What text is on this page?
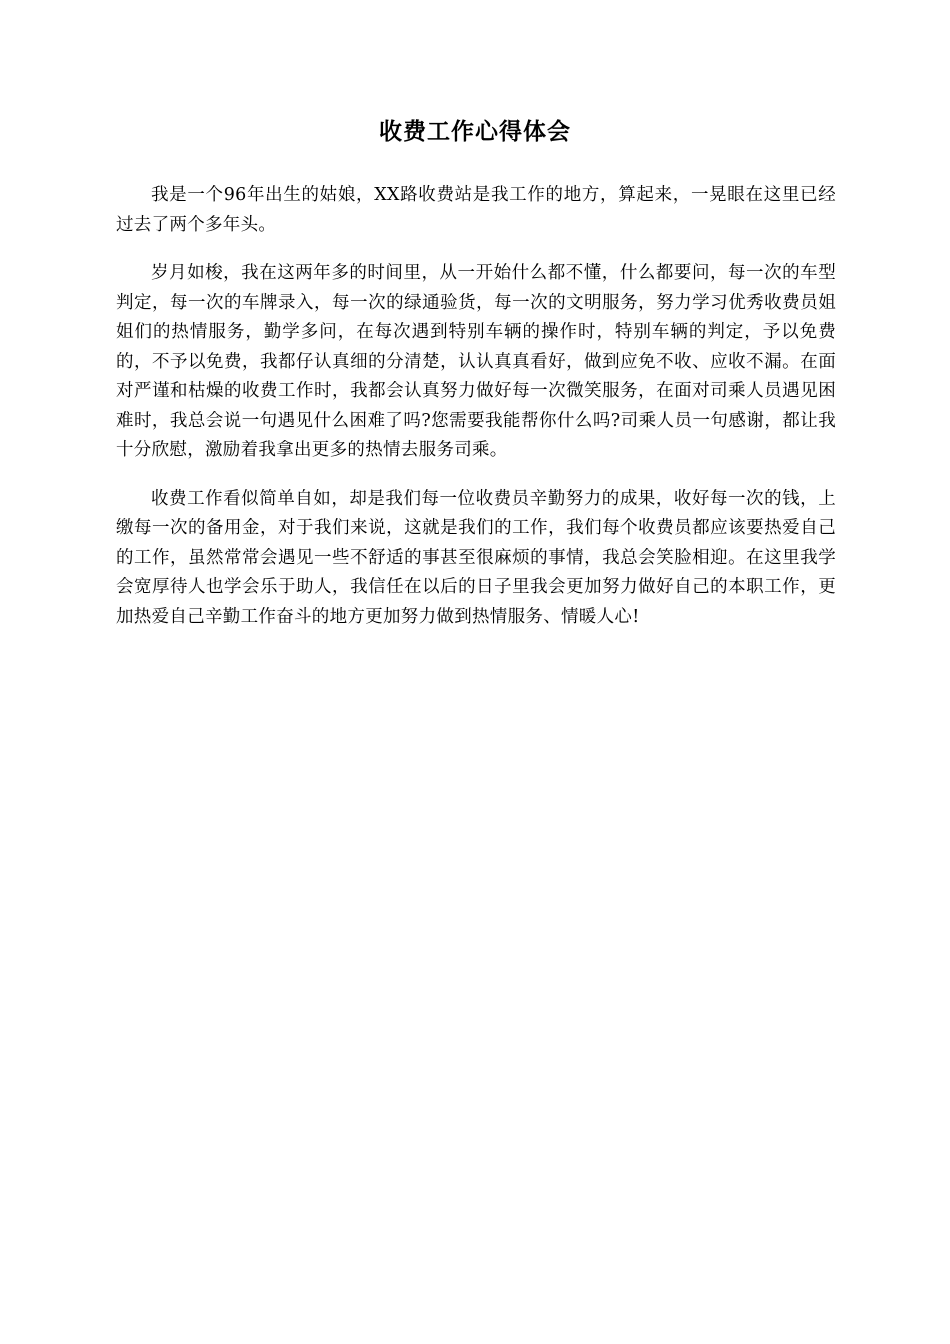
收费工作心得体会

我是一个96年出生的姑娘，XX路收费站是我工作的地方，算起来，一晃眼在这里已经过去了两个多年头。

岁月如梭，我在这两年多的时间里，从一开始什么都不懂，什么都要问，每一次的车型判定，每一次的车牌录入，每一次的绿通验货，每一次的文明服务，努力学习优秀收费员姐姐们的热情服务，勤学多问，在每次遇到特别车辆的操作时，特别车辆的判定，予以免费的，不予以免费，我都仔认真细的分清楚，认认真真看好，做到应免不收、应收不漏。在面对严谨和枯燥的收费工作时，我都会认真努力做好每一次微笑服务，在面对司乘人员遇见困难时，我总会说一句遇见什么困难了吗?您需要我能帮你什么吗?司乘人员一句感谢，都让我十分欣慰，激励着我拿出更多的热情去服务司乘。

收费工作看似简单自如，却是我们每一位收费员辛勤努力的成果，收好每一次的钱，上缴每一次的备用金，对于我们来说，这就是我们的工作，我们每个收费员都应该要热爱自己的工作，虽然常常会遇见一些不舒适的事甚至很麻烦的事情，我总会笑脸相迎。在这里我学会宽厚待人也学会乐于助人，我信任在以后的日子里我会更加努力做好自己的本职工作，更加热爱自己辛勤工作奋斗的地方更加努力做到热情服务、情暖人心!
